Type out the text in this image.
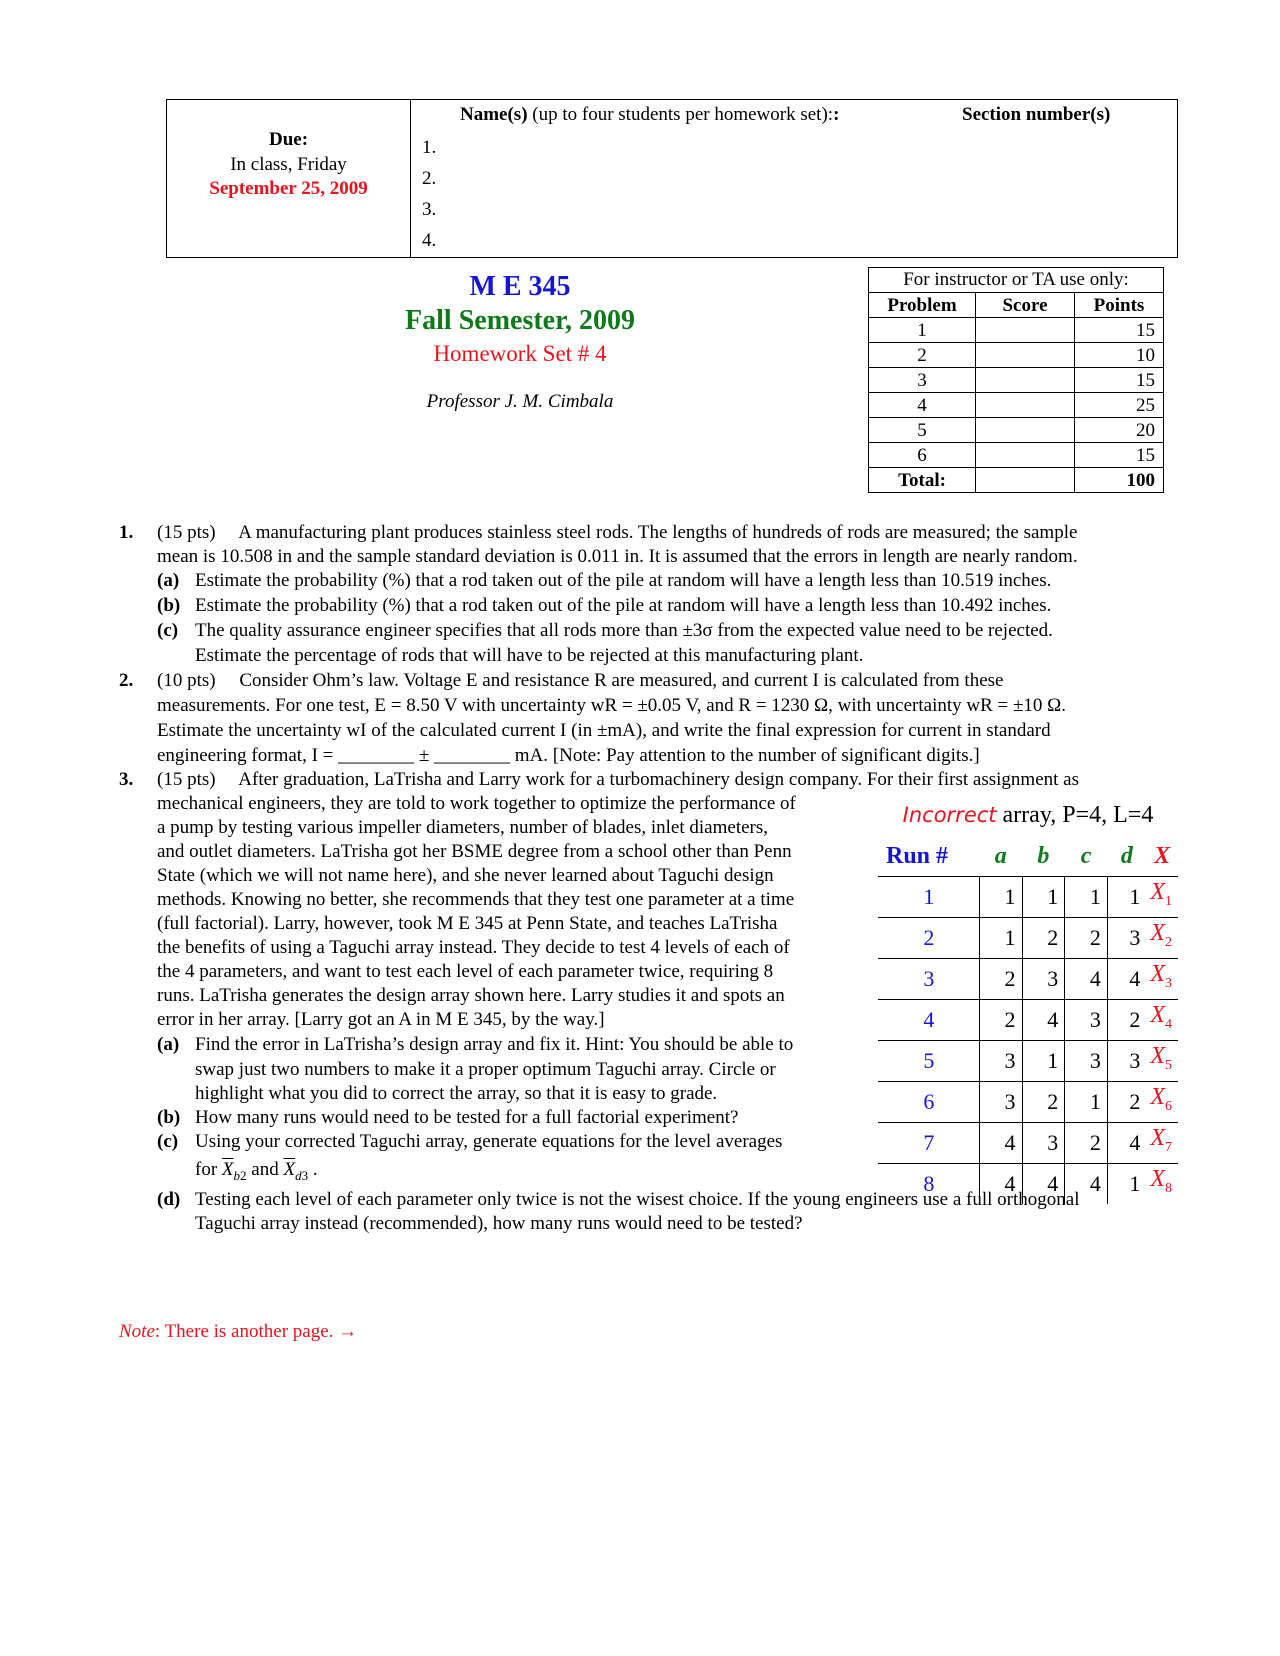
Due:
In class, Friday
September 25, 2009
Name(s) (up to four students per homework set)::	Section number(s)
1.
2.
3.
4.
M E 345
Fall Semester, 2009
Homework Set # 4
Professor J. M. Cimbala
For instructor or TA use only:
Problem	Score	Points
1		15
2		10
3		15
4		25
5		20
6		15
Total:		100
1. (15 pts)     A manufacturing plant produces stainless steel rods. The lengths of hundreds of rods are measured; the sample
mean is 10.508 in and the sample standard deviation is 0.011 in. It is assumed that the errors in length are nearly random.
(a) Estimate the probability (%) that a rod taken out of the pile at random will have a length less than 10.519 inches.
(b) Estimate the probability (%) that a rod taken out of the pile at random will have a length less than 10.492 inches.
(c) The quality assurance engineer specifies that all rods more than ±3σ from the expected value need to be rejected.
Estimate the percentage of rods that will have to be rejected at this manufacturing plant.
2. (10 pts)     Consider Ohm’s law. Voltage E and resistance R are measured, and current I is calculated from these
measurements. For one test, E = 8.50 V with uncertainty wR = ±0.05 V, and R = 1230 Ω, with uncertainty wR = ±10 Ω.
Estimate the uncertainty wI of the calculated current I (in ±mA), and write the final expression for current in standard
engineering format, I = ________ ± ________ mA. [Note: Pay attention to the number of significant digits.]
3. (15 pts)     After graduation, LaTrisha and Larry work for a turbomachinery design company. For their first assignment as
mechanical engineers, they are told to work together to optimize the performance of
a pump by testing various impeller diameters, number of blades, inlet diameters,
and outlet diameters. LaTrisha got her BSME degree from a school other than Penn
State (which we will not name here), and she never learned about Taguchi design
methods. Knowing no better, she recommends that they test one parameter at a time
(full factorial). Larry, however, took M E 345 at Penn State, and teaches LaTrisha
the benefits of using a Taguchi array instead. They decide to test 4 levels of each of
the 4 parameters, and want to test each level of each parameter twice, requiring 8
runs. LaTrisha generates the design array shown here. Larry studies it and spots an
error in her array. [Larry got an A in M E 345, by the way.]
(a) Find the error in LaTrisha’s design array and fix it. Hint: You should be able to
swap just two numbers to make it a proper optimum Taguchi array. Circle or
highlight what you did to correct the array, so that it is easy to grade.
(b) How many runs would need to be tested for a full factorial experiment?
(c) Using your corrected Taguchi array, generate equations for the level averages
for $\overline{X}_{b2}$ and $\overline{X}_{d3}$ .
(d) Testing each level of each parameter only twice is not the wisest choice. If the young engineers use a full orthogonal
Taguchi array instead (recommended), how many runs would need to be tested?
Incorrect array, P=4, L=4
Run #	a	b	c	d	X
1	1	1	1	1	$X_1$
2	1	2	2	3	$X_2$
3	2	3	4	4	$X_3$
4	2	4	3	2	$X_4$
5	3	1	3	3	$X_5$
6	3	2	1	2	$X_6$
7	4	3	2	4	$X_7$
8	4	4	4	1	$X_8$
Note: There is another page. →
